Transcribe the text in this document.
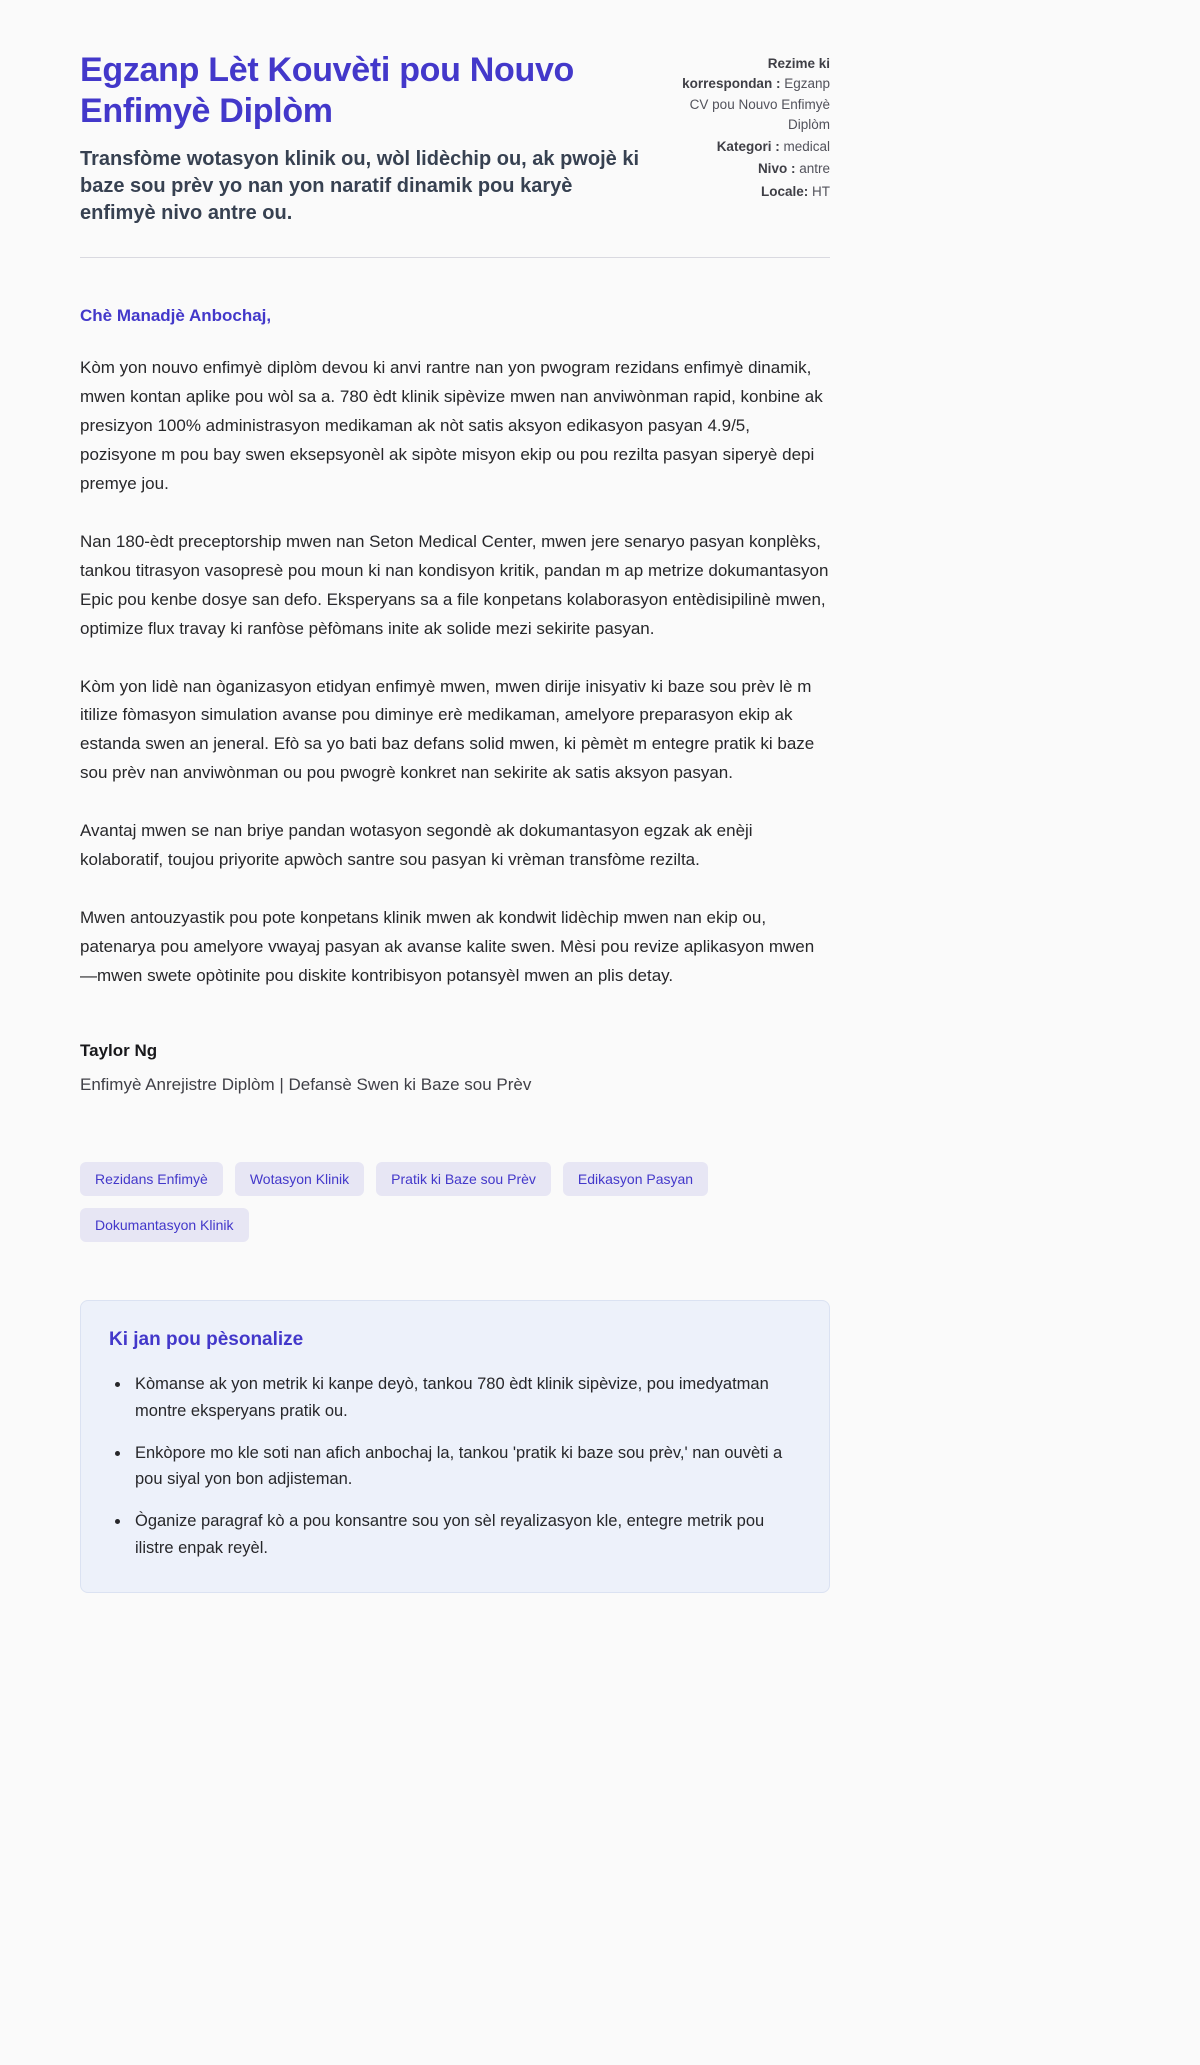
Egzanp Lèt Kouvèti pou Nouvo Enfimyè Diplòm

Transfòme wotasyon klinik ou, wòl lidèchip ou, ak pwojè ki baze sou prèv yo nan yon naratif dinamik pou karyè enfimyè nivo antre ou.

Rezime ki korrespondan : Egzanp CV pou Nouvo Enfimyè Diplòm

Kategori : medical

Nivo : antre

Locale: HT

Chè Manadjè Anbochaj,

Kòm yon nouvo enfimyè diplòm devou ki anvi rantre nan yon pwogram rezidans enfimyè dinamik, mwen kontan aplike pou wòl sa a. 780 èdt klinik sipèvize mwen nan anviwònman rapid, konbine ak presizyon 100% administrasyon medikaman ak nòt satis aksyon edikasyon pasyan 4.9/5, pozisyone m pou bay swen eksepsyonèl ak sipòte misyon ekip ou pou rezilta pasyan siperyè depi premye jou.

Nan 180-èdt preceptorship mwen nan Seton Medical Center, mwen jere senaryo pasyan konplèks, tankou titrasyon vasopresè pou moun ki nan kondisyon kritik, pandan m ap metrize dokumantasyon Epic pou kenbe dosye san defo. Eksperyans sa a file konpetans kolaborasyon entèdisipilinè mwen, optimize flux travay ki ranfòse pèfòmans inite ak solide mezi sekirite pasyan.

Kòm yon lidè nan òganizasyon etidyan enfimyè mwen, mwen dirije inisyativ ki baze sou prèv lè m itilize fòmasyon simulation avanse pou diminye erè medikaman, amelyore preparasyon ekip ak estanda swen an jeneral. Efò sa yo bati baz defans solid mwen, ki pèmèt m entegre pratik ki baze sou prèv nan anviwònman ou pou pwogrè konkret nan sekirite ak satis aksyon pasyan.

Avantaj mwen se nan briye pandan wotasyon segondè ak dokumantasyon egzak ak enèji kolaboratif, toujou priyorite apwòch santre sou pasyan ki vrèman transfòme rezilta.

Mwen antouzyastik pou pote konpetans klinik mwen ak kondwit lidèchip mwen nan ekip ou, patenarya pou amelyore vwayaj pasyan ak avanse kalite swen. Mèsi pou revize aplikasyon mwen—mwen swete opòtinite pou diskite kontribisyon potansyèl mwen an plis detay.

Taylor Ng

Enfimyè Anrejistre Diplòm | Defansè Swen ki Baze sou Prèv

Rezidans Enfimyè	Wotasyon Klinik	Pratik ki Baze sou Prèv	Edikasyon Pasyan
Dokumantasyon Klinik
Ki jan pou pèsonalize
• Kòmanse ak yon metrik ki kanpe deyò, tankou 780 èdt klinik sipèvize, pou imedyatman montre eksperyans pratik ou.
• Enkòpore mo kle soti nan afich anbochaj la, tankou 'pratik ki baze sou prèv,' nan ouvèti a pou siyal yon bon adjisteman.
• Òganize paragraf kò a pou konsantre sou yon sèl reyalizasyon kle, entegre metrik pou ilistre enpak reyèl.
